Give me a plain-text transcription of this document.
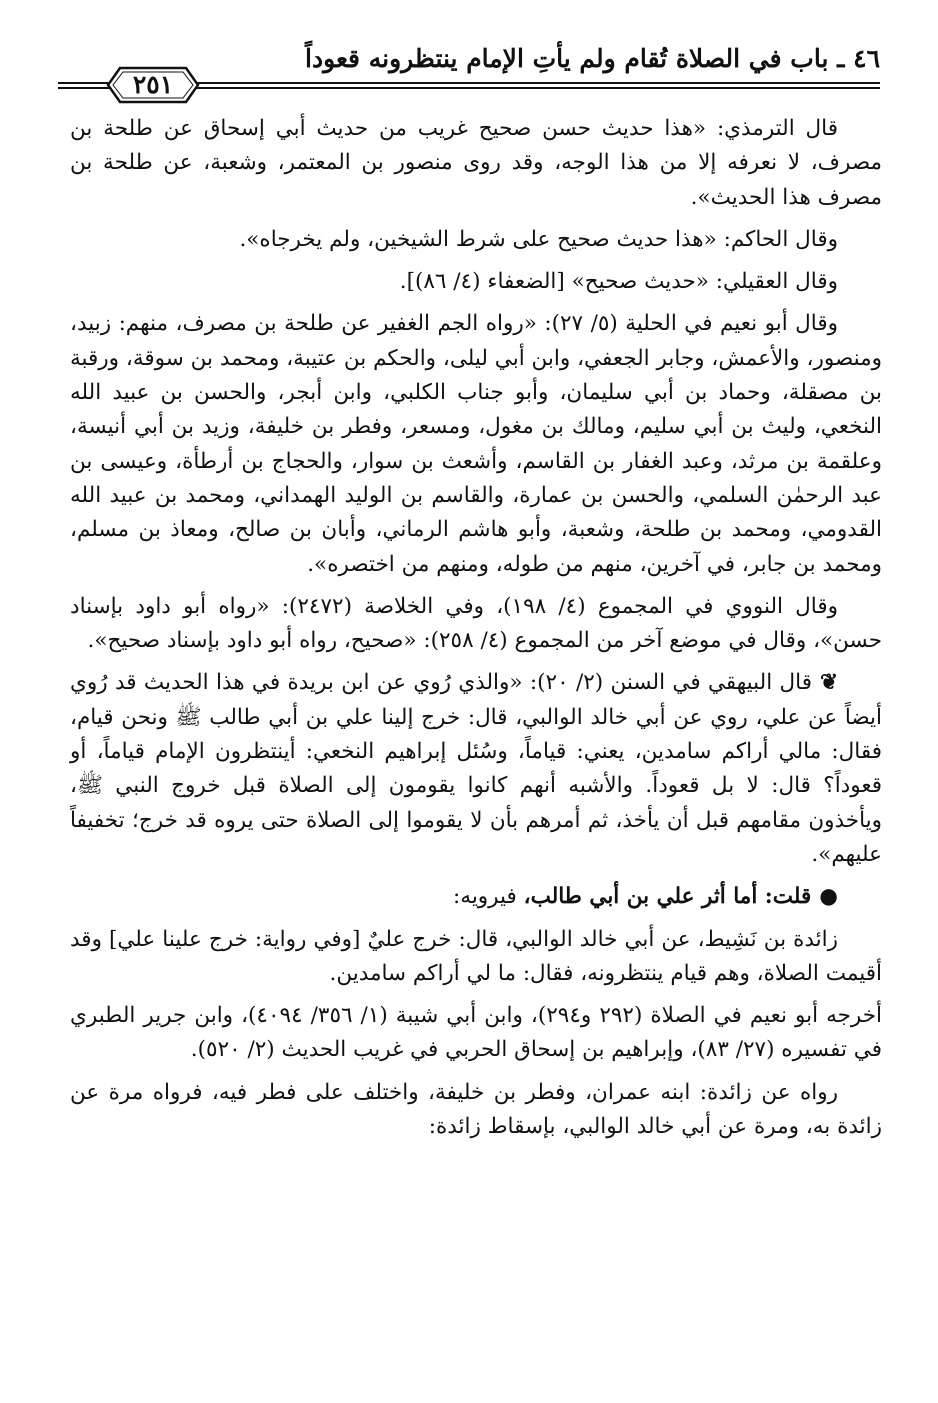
٤٦ ـ باب في الصلاة تُقام ولم يأتِ الإمام ينتظرونه قعوداً
٢٥١

قال الترمذي: «هذا حديث حسن صحيح غريب من حديث أبي إسحاق عن طلحة بن مصرف، لا نعرفه إلا من هذا الوجه، وقد روى منصور بن المعتمر، وشعبة، عن طلحة بن مصرف هذا الحديث».

وقال الحاكم: «هذا حديث صحيح على شرط الشيخين، ولم يخرجاه».

وقال العقيلي: «حديث صحيح» [الضعفاء (٤/ ٨٦)].

وقال أبو نعيم في الحلية (٥/ ٢٧): «رواه الجم الغفير عن طلحة بن مصرف، منهم: زبيد، ومنصور، والأعمش، وجابر الجعفي، وابن أبي ليلى، والحكم بن عتيبة، ومحمد بن سوقة، ورقبة بن مصقلة، وحماد بن أبي سليمان، وأبو جناب الكلبي، وابن أبجر، والحسن بن عبيد الله النخعي، وليث بن أبي سليم، ومالك بن مغول، ومسعر، وفطر بن خليفة، وزيد بن أبي أنيسة، وعلقمة بن مرثد، وعبد الغفار بن القاسم، وأشعث بن سوار، والحجاج بن أرطأة، وعيسى بن عبد الرحمٰن السلمي، والحسن بن عمارة، والقاسم بن الوليد الهمداني، ومحمد بن عبيد الله القدومي، ومحمد بن طلحة، وشعبة، وأبو هاشم الرماني، وأبان بن صالح، ومعاذ بن مسلم، ومحمد بن جابر، في آخرين، منهم من طوله، ومنهم من اختصره».

وقال النووي في المجموع (٤/ ١٩٨)، وفي الخلاصة (٢٤٧٢): «رواه أبو داود بإسناد حسن»، وقال في موضع آخر من المجموع (٤/ ٢٥٨): «صحيح، رواه أبو داود بإسناد صحيح».

❦قال البيهقي في السنن (٢/ ٢٠): «والذي رُوي عن ابن بريدة في هذا الحديث قد رُوي أيضاً عن علي، روي عن أبي خالد الوالبي، قال: خرج إلينا علي بن أبي طالب ﷺ ونحن قيام، فقال: مالي أراكم سامدين، يعني: قياماً، وسُئل إبراهيم النخعي: أينتظرون الإمام قياماً، أو قعوداً؟ قال: لا بل قعوداً. والأشبه أنهم كانوا يقومون إلى الصلاة قبل خروج النبي ﷺ، ويأخذون مقامهم قبل أن يأخذ، ثم أمرهم بأن لا يقوموا إلى الصلاة حتى يروه قد خرج؛ تخفيفاً عليهم».

●قلت: أما أثر علي بن أبي طالب، فيرويه:

زائدة بن نَشِيط، عن أبي خالد الوالبي، قال: خرج عليٌ [وفي رواية: خرج علينا علي] وقد أقيمت الصلاة، وهم قيام ينتظرونه، فقال: ما لي أراكم سامدين.

أخرجه أبو نعيم في الصلاة (٢٩٢ و٢٩٤)، وابن أبي شيبة (١/ ٣٥٦/ ٤٠٩٤)، وابن جرير الطبري في تفسيره (٢٧/ ٨٣)، وإبراهيم بن إسحاق الحربي في غريب الحديث (٢/ ٥٢٠).

رواه عن زائدة: ابنه عمران، وفطر بن خليفة، واختلف على فطر فيه، فرواه مرة عن زائدة به، ومرة عن أبي خالد الوالبي، بإسقاط زائدة:
